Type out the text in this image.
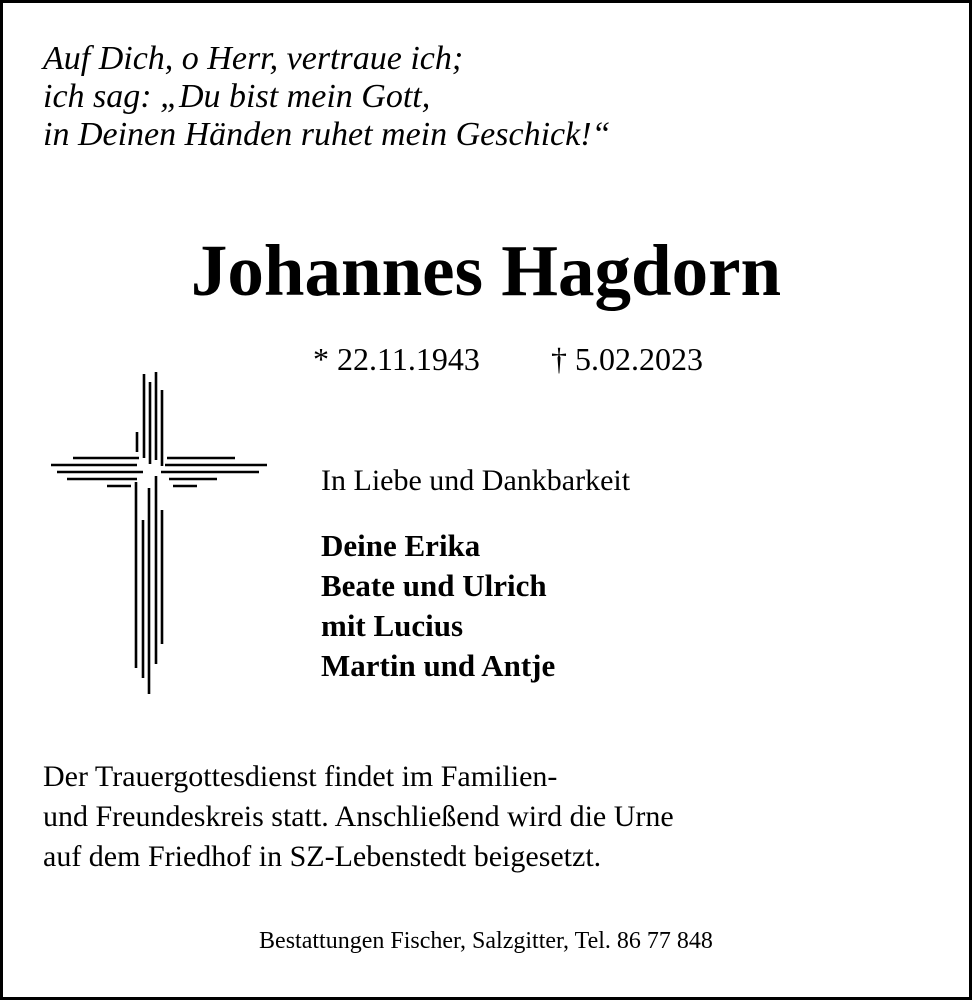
Auf Dich, o Herr, vertraue ich;
ich sag: „Du bist mein Gott,
in Deinen Händen ruhet mein Geschick!“
Johannes Hagdorn
* 22.11.1943 † 5.02.2023
In Liebe und Dankbarkeit
Deine Erika
Beate und Ulrich
mit Lucius
Martin und Antje
Der Trauergottesdienst findet im Familien-
und Freundeskreis statt. Anschließend wird die Urne
auf dem Friedhof in SZ-Lebenstedt beigesetzt.
Bestattungen Fischer, Salzgitter, Tel. 86 77 848
